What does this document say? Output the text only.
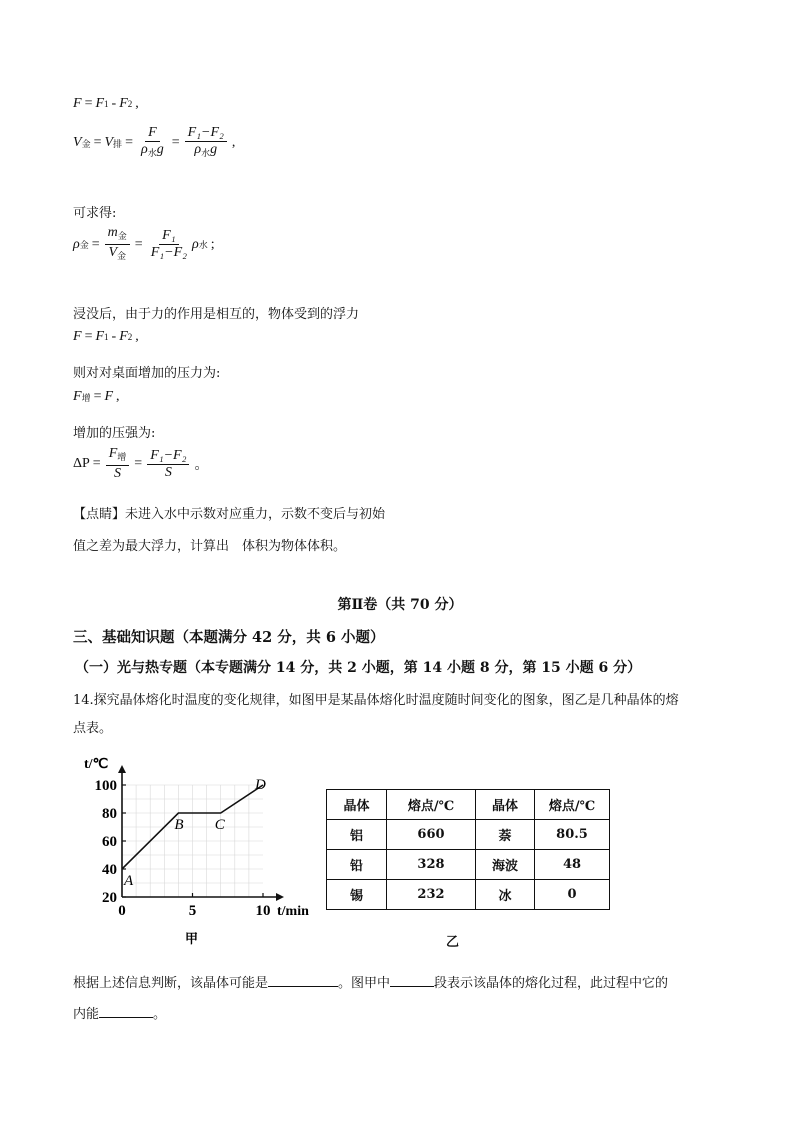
F = F 1 - F 2 ,
V 金 = V 排 = $\frac{F}{\rho_水g} = \frac{\text{F₁−F₂}}{\rho_水g}$ ,
可求得:
ρ 金 = $\frac{m_金}{V_金} = \frac{\text{F₁}}{\text{F₁−F₂}}$ ρ 水 ;
浸没后，由于力的作用是相互的，物体受到的浮力
F = F 1 - F 2 ,
则对对桌面增加的压力为:
F 增 = F ,
增加的压强为:
$\Delta P = \frac{F_增}{S} = \frac{\text{F₁−F₂}}{S}$ 。
【点睛】未进入水中示数对应重力，示数不变后与初始
值之差为最大浮力，计算出　体积为物体体积。
第Ⅱ卷（共 70 分）
三、基础知识题（本题满分 42 分，共 6 小题）
（一）光与热专题（本专题满分 14 分，共 2 小题，第 14 小题 8 分，第 15 小题 6 分）
14.探究晶体熔化时温度的变化规律，如图甲是某晶体熔化时温度随时间变化的图象，图乙是几种晶体的熔
点表。
20
40
60
80
100
0	5	10
A
B C
D
t/℃
t/min
甲
晶体	熔点/℃	晶体	熔点/℃
铝	660	萘	80.5
铅	328	海波	48
锡	232	冰	0
乙
根据上述信息判断，该晶体可能是	。图甲中	段表示该晶体的熔化过程，此过程中它的
内能	。
